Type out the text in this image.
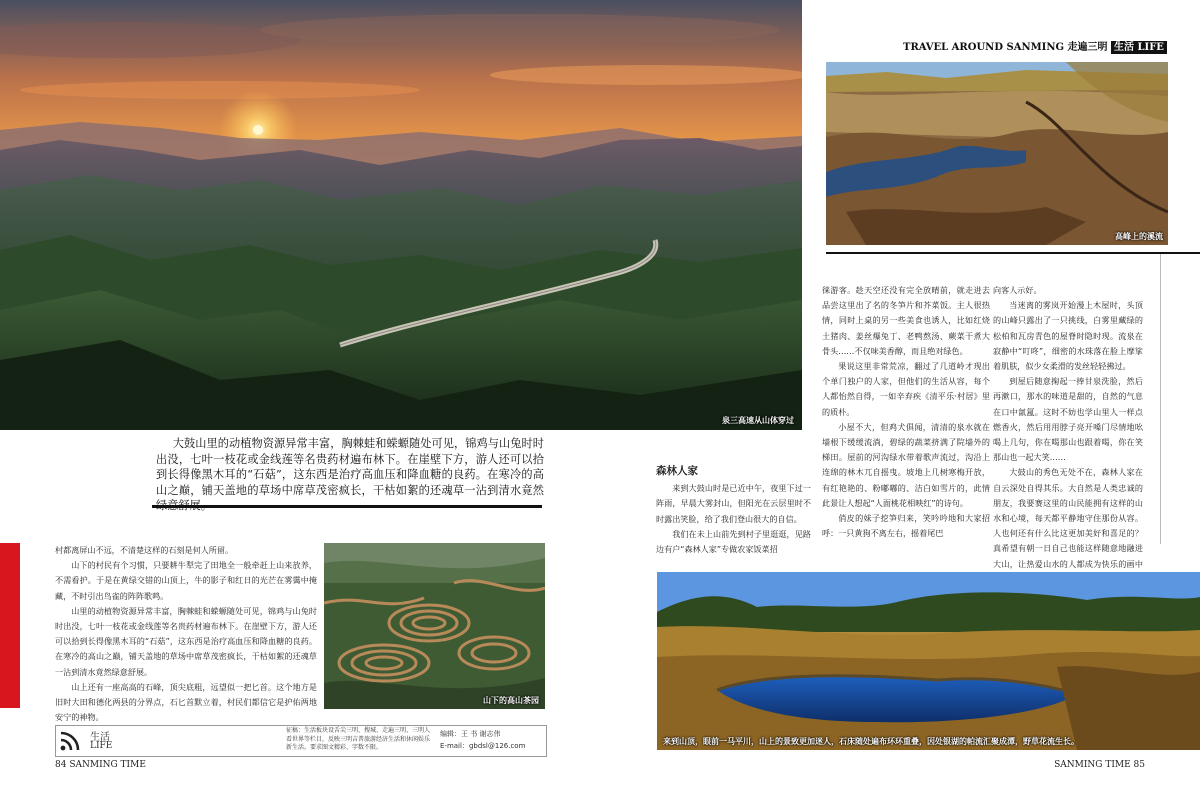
泉三高速从山体穿过

大鼓山里的动植物资源异常丰富，胸棘蛙和蝾螈随处可见，锦鸡与山兔时时出没，七叶一枝花或金线莲等名贵药材遍布林下。在崖壁下方，游人还可以拾到长得像黑木耳的“石菇”，这东西是治疗高血压和降血糖的良药。在寒冷的高山之巅，铺天盖地的草场中席草茂密疯长，干枯如絮的还魂草一沾到清水竟然

村都离屏山不远，不清楚这样的石刻是何人所留。

山下的村民有个习惯，只要耕牛犁完了田地全一般牵赶上山来放养，不需看护。于是在黄绿交错的山顶上，牛的影子和红日的光芒在雾霭中掩藏，不时引出鸟雀的阵阵歌鸣。

山里的动植物资源异常丰富，胸棘蛙和蝾螈随处可见，锦鸡与山兔时时出没，七叶一枝花或金线莲等名贵药材遍布林下。在崖壁下方，游人还可以拾到长得像黑木耳的“石菇”，这东西是治疗高血压和降血糖的良药。在寒冷的高山之巅，铺天盖地的草场中席草茂密疯长，干枯如絮的还魂草一沾到清水竟然绿意舒展。

山上还有一座高高的石峰，顶尖底粗，远望似一把匕首。这个地方是旧时大田和德化两县的分界点，石匕首默立着，村民们都信它是护佑两地安宁的神物。

山下的高山茶园
生活
LIFE
征稿：生活板块设舌尖三明、搜城、走遍三明、三明人看世界等栏目，反映三明吉普旅游经济生活和休闲娱乐新生活。要求图文精彩、字数不限。
编辑：王 书 谢志伟
E-mail：gbdsl@126.com
84 SANMING TIME
TRAVEL AROUND SANMING 走遍三明 生活 LIFE
高峰上的溪流

徕游客。趁天空还没有完全放晴前，就走进去品尝这里出了名的冬笋片和芥菜饭。主人很热情，同时上桌的另一些美食也诱人，比如红烧土猪肉、姜丝爆兔丁、老鸭熬汤、蕨菜干煮大骨头……不仅味美香醇，而且绝对绿色。

果说这里非常荒凉，翻过了几道岭才现出个单门独户的人家，但他们的生活从容，每个人都怡然自得，一如辛弃疾《清平乐·村居》里的质朴。

小屋不大，但鸡犬俱闻，清清的泉水就在墙根下缓缓流淌，碧绿的蔬菜挤满了院墙外的梯田。屋前的河沟绿水带着歌声流过，沟沿上连绵的林木兀自摇曳。坡地上几树寒梅开放，有红艳艳的、粉嘟嘟的、洁白如雪片的，此情此景让人想起“人面桃花相映红”的诗句。

俏皮的妹子挖笋归来，笑吟吟地和大家招呼：一只黄狗不离左右，摇着尾巴

向客人示好。

当迷离的雾岚开始漫上木屋时，头顶的山峰只露出了一只挑线，白雾里藏绿的松柏和瓦房青色的屋脊时隐时现。流泉在寂静中“叮咚”，细密的水珠落在脸上摩挲着肌肤，似少女柔滑的发丝轻轻拂过。

到屋后随意掬起一捧甘泉洗脸，然后再漱口，那水的味道是甜的，自然的气息在口中氤氲。这时不妨也学山里人一样点燃香火，然后用用脖子亮开嗓门尽情地吆喝上几句，你在喝那山也跟着喝，你在笑那山也一起大笑……

大鼓山的秀色无处不在，森林人家在自云深处自得其乐。大自然是人类忠诚的朋友，我要赛这里的山民能拥有这样的山水和心境，每天都平静地守住那份从容。人也何还有什么比这更加美好和喜足的？真希望有朝一日自己也能这样随意地融进大山，让热爱山水的人都成为快乐的画中

森林人家

来到大鼓山时是已近中午，夜里下过一阵雨，早晨大雾封山，但阳光在云层里时不时露出笑脸，给了我们登山很大的自信。

我们在未上山前先到村子里逛逛，见路边有户“森林人家”专做农家饭菜招

来到山顶，眼前一马平川，山上的景致更加迷人，石床随处遍布环环重叠，因处银湖的帕流汇聚成潭，野草花流生长。
SANMING TIME 85
